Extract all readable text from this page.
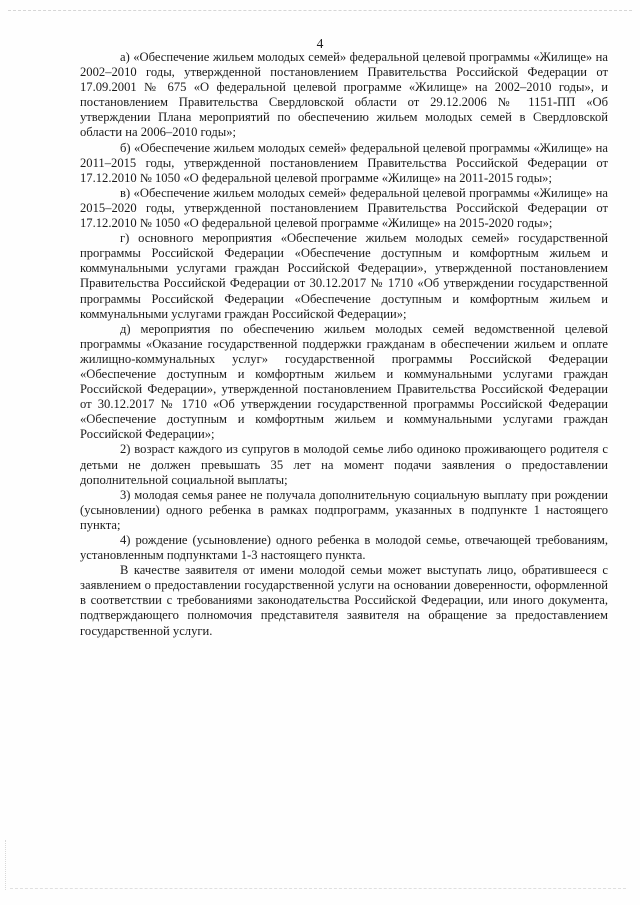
4

а) «Обеспечение жильем молодых семей» федеральной целевой программы «Жилище» на 2002–2010 годы, утвержденной постановлением Правительства Российской Федерации от 17.09.2001 № 675 «О федеральной целевой программе «Жилище» на 2002–2010 годы», и постановлением Правительства Свердловской области от 29.12.2006 № 1151-ПП «Об утверждении Плана мероприятий по обеспечению жильем молодых семей в Свердловской области на 2006–2010 годы»;

б) «Обеспечение жильем молодых семей» федеральной целевой программы «Жилище» на 2011–2015 годы, утвержденной постановлением Правительства Российской Федерации от 17.12.2010 № 1050 «О федеральной целевой программе «Жилище» на 2011-2015 годы»;

в) «Обеспечение жильем молодых семей» федеральной целевой программы «Жилище» на 2015–2020 годы, утвержденной постановлением Правительства Российской Федерации от 17.12.2010 № 1050 «О федеральной целевой программе «Жилище» на 2015-2020 годы»;

г) основного мероприятия «Обеспечение жильем молодых семей» государственной программы Российской Федерации «Обеспечение доступным и комфортным жильем и коммунальными услугами граждан Российской Федерации», утвержденной постановлением Правительства Российской Федерации от 30.12.2017 № 1710 «Об утверждении государственной программы Российской Федерации «Обеспечение доступным и комфортным жильем и коммунальными услугами граждан Российской Федерации»;

д) мероприятия по обеспечению жильем молодых семей ведомственной целевой программы «Оказание государственной поддержки гражданам в обеспечении жильем и оплате жилищно-коммунальных услуг» государственной программы Российской Федерации «Обеспечение доступным и комфортным жильем и коммунальными услугами граждан Российской Федерации», утвержденной постановлением Правительства Российской Федерации от 30.12.2017 № 1710 «Об утверждении государственной программы Российской Федерации «Обеспечение доступным и комфортным жильем и коммунальными услугами граждан Российской Федерации»;

2) возраст каждого из супругов в молодой семье либо одиноко проживающего родителя с детьми не должен превышать 35 лет на момент подачи заявления о предоставлении дополнительной социальной выплаты;

3) молодая семья ранее не получала дополнительную социальную выплату при рождении (усыновлении) одного ребенка в рамках подпрограмм, указанных в подпункте 1 настоящего пункта;

4) рождение (усыновление) одного ребенка в молодой семье, отвечающей требованиям, установленным подпунктами 1-3 настоящего пункта.

В качестве заявителя от имени молодой семьи может выступать лицо, обратившееся с заявлением о предоставлении государственной услуги на основании доверенности, оформленной в соответствии с требованиями законодательства Российской Федерации, или иного документа, подтверждающего полномочия представителя заявителя на обращение за предоставлением государственной услуги.
